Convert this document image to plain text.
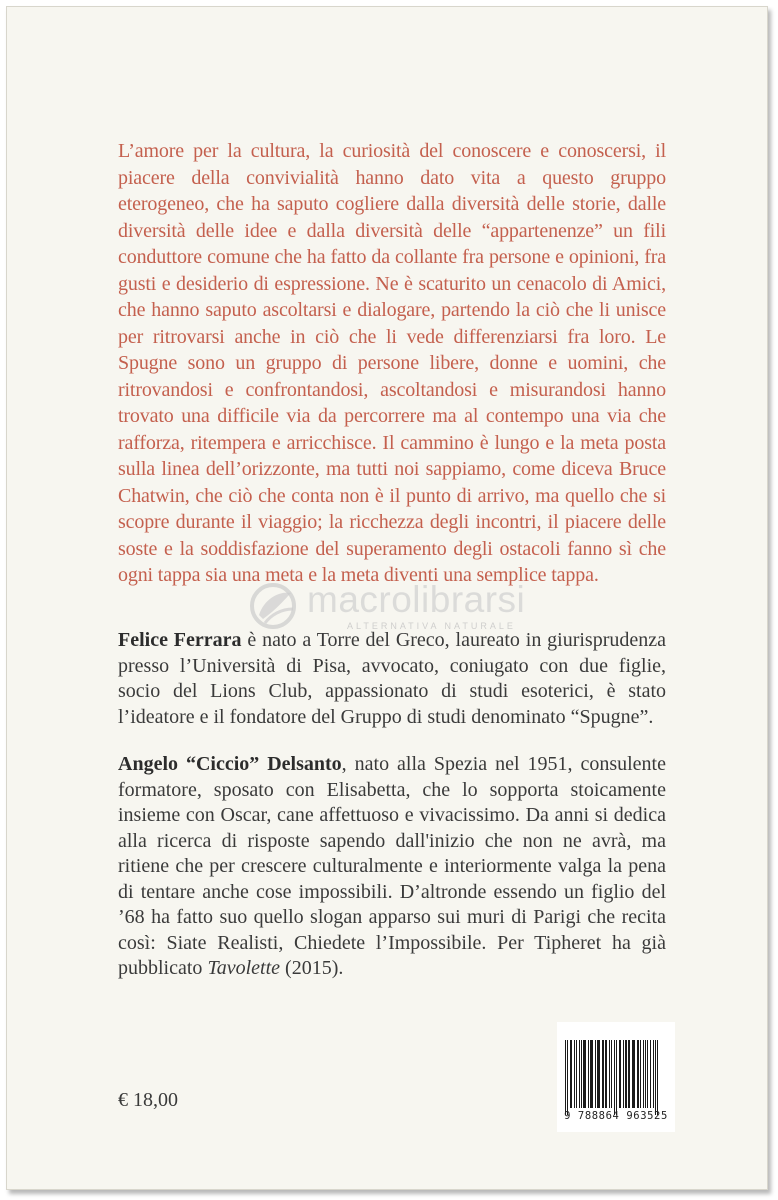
L’amore per la cultura, la curiosità del conoscere e conoscersi, il piacere della convivialità hanno dato vita a questo gruppo eterogeneo, che ha saputo cogliere dalla diversità delle storie, dalle diversità delle idee e dalla diversità delle “appartenenze” un fili conduttore comune che ha fatto da collante fra persone e opinioni, fra gusti e desiderio di espressione. Ne è scaturito un cenacolo di Amici, che hanno saputo ascoltarsi e dialogare, partendo la ciò che li unisce per ritrovarsi anche in ciò che li vede differenziarsi fra loro. Le Spugne sono un gruppo di persone libere, donne e uomini, che ritrovandosi e confrontandosi, ascoltandosi e misurandosi hanno trovato una difficile via da percorrere ma al contempo una via che rafforza, ritempera e arricchisce. Il cammino è lungo e la meta posta sulla linea dell’orizzonte, ma tutti noi sappiamo, come diceva Bruce Chatwin, che ciò che conta non è il punto di arrivo, ma quello che si scopre durante il viaggio; la ricchezza degli incontri, il piacere delle soste e la soddisfazione del superamento degli ostacoli fanno sì che ogni tappa sia una meta e la meta diventi una semplice tappa.

macrolibrarsi
ALTERNATIVA NATURALE

Felice Ferrara è nato a Torre del Greco, laureato in giurisprudenza presso l’Università di Pisa, avvocato, coniugato con due figlie, socio del Lions Club, appassionato di studi esoterici, è stato l’ideatore e il fondatore del Gruppo di studi denominato “Spugne”.

Angelo “Ciccio” Delsanto, nato alla Spezia nel 1951, consulente formatore, sposato con Elisabetta, che lo sopporta stoicamente insieme con Oscar, cane affettuoso e vivacissimo. Da anni si dedica alla ricerca di risposte sapendo dall'inizio che non ne avrà, ma ritiene che per crescere culturalmente e interiormente valga la pena di tentare anche cose impossibili. D’altronde essendo un figlio del ’68 ha fatto suo quello slogan apparso sui muri di Parigi che recita così: Siate Realisti, Chiedete l’Impossibile. Per Tipheret ha già pubblicato Tavolette (2015).

€ 18,00
9 788864 963525
